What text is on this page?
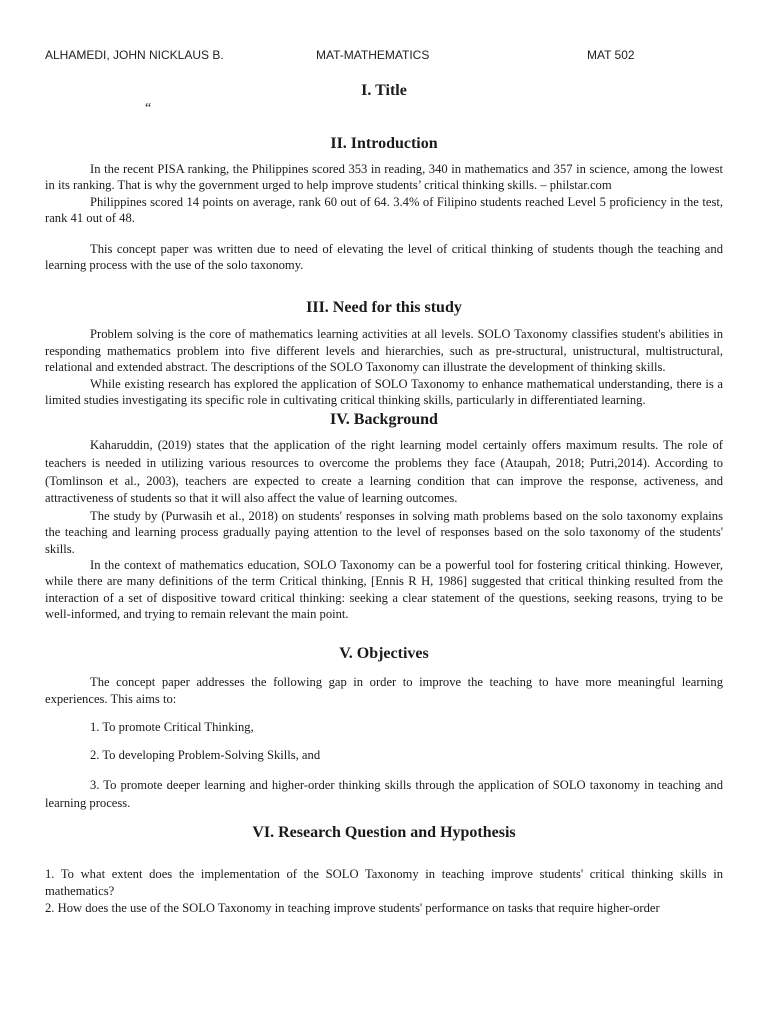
ALHAMEDI, JOHN NICKLAUS B.	MAT-MATHEMATICS	MAT 502
I. Title
“
II. Introduction

In the recent PISA ranking, the Philippines scored 353 in reading, 340 in mathematics and 357 in science, among the lowest in its ranking. That is why the government urged to help improve students’ critical thinking skills. – philstar.com

Philippines scored 14 points on average, rank 60 out of 64. 3.4% of Filipino students reached Level 5 proficiency in the test, rank 41 out of 48.

This concept paper was written due to need of elevating the level of critical thinking of students though the teaching and learning process with the use of the solo taxonomy.

III. Need for this study

Problem solving is the core of mathematics learning activities at all levels. SOLO Taxonomy classifies student's abilities in responding mathematics problem into five different levels and hierarchies, such as pre-structural, unistructural, multistructural, relational and extended abstract. The descriptions of the SOLO Taxonomy can illustrate the development of thinking skills.

While existing research has explored the application of SOLO Taxonomy to enhance mathematical understanding, there is a limited studies investigating its specific role in cultivating critical thinking skills, particularly in differentiated learning.

IV. Background

Kaharuddin, (2019) states that the application of the right learning model certainly offers maximum results. The role of teachers is needed in utilizing various resources to overcome the problems they face (Ataupah, 2018; Putri,2014). According to (Tomlinson et al., 2003), teachers are expected to create a learning condition that can improve the response, activeness, and attractiveness of students so that it will also affect the value of learning outcomes.

The study by (Purwasih et al., 2018) on students' responses in solving math problems based on the solo taxonomy explains the teaching and learning process gradually paying attention to the level of responses based on the solo taxonomy of the students' skills.

In the context of mathematics education, SOLO Taxonomy can be a powerful tool for fostering critical thinking. However, while there are many definitions of the term Critical thinking, [Ennis R H, 1986] suggested that critical thinking resulted from the interaction of a set of dispositive toward critical thinking: seeking a clear statement of the questions, seeking reasons, trying to be well-informed, and trying to remain relevant the main point.

V. Objectives

The concept paper addresses the following gap in order to improve the teaching to have more meaningful learning experiences. This aims to:

1. To promote Critical Thinking,

2. To developing Problem-Solving Skills, and

3. To promote deeper learning and higher-order thinking skills through the application of SOLO taxonomy in teaching and learning process.

VI. Research Question and Hypothesis

1. To what extent does the implementation of the SOLO Taxonomy in teaching improve students' critical thinking skills in mathematics?

2. How does the use of the SOLO Taxonomy in teaching improve students' performance on tasks that require higher-order
